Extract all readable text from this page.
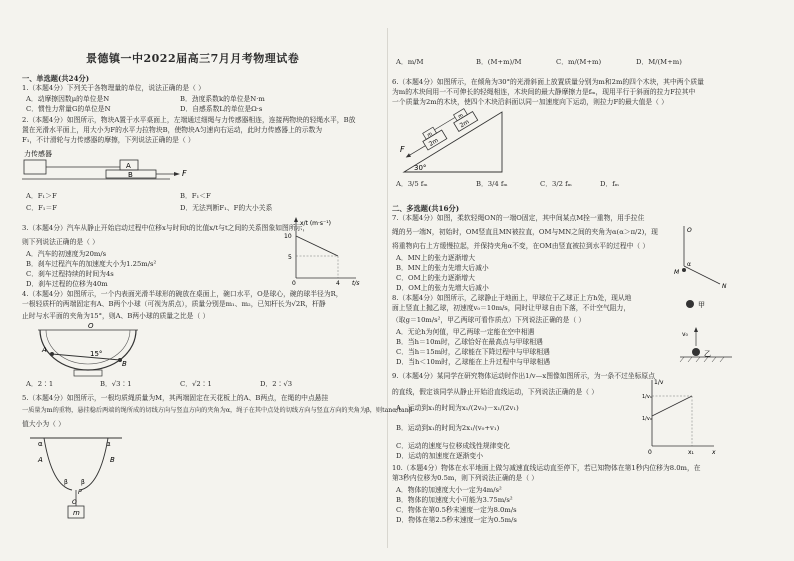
景德镇一中2022届高三7月月考物理试卷
一、单选题(共24分)
1.（本题4分）下列关于各物理量的单位，说法正确的是（ ）
A．动摩擦因数μ的单位是N	B．劲度系数k的单位是N·m
C．惯性力常量G的单位是N	D．自感系数L的单位是Ω·s
2.（本题4分）如图所示，物块A置于水平桌面上，左端通过细绳与力传感器相连，连接两物块的轻绳水平，B放
置在光滑水平面上，用大小为F的水平力拉物块B，使物块A匀速向右运动，此时力传感器上的示数为
F₁，不计滑轮与力传感器的摩擦，下列说法正确的是（ ）
力传感器
A
B	F
A．F₁＞F	B．F₁＜F
C．F₁＝F	D．无法判断F₁、F的大小关系
3.（本题4分）汽车从静止开始启动过程中位移x与时间t的比值x/t与t之间的关系图象如图所示，
则下列说法正确的是（ ）
A．汽车的初速度为20m/s
B．刹车过程汽车的加速度大小为1.25m/s²
C．刹车过程持续的时间为4s
D．刹车过程的位移为40m
x/t (m·s⁻¹)
10
5
0	4 t/s
4.（本题4分）如图所示，一个内表面光滑半球形的碗放在桌面上，碗口水平，O是球心，碗的球半径为R，
一根轻质杆的两端固定有A、B两个小球（可视为质点），质量分别是m₁、m₂，已知杆长为√2R，杆静
止时与水平面的夹角为15°，则A、B两小球的质量之比是（ ）
O
A
B
15°
A．2∶1	B．√3∶1	C．√2∶1	D．2∶√3
5.（本题4分）如图所示，一根均质绳质量为M，其两端固定在天花板上的A、B两点，在绳的中点悬挂
一质量为m的重物，悬挂稳后两端的绳所成的切线方向与竖直方向的夹角为α，绳子在其中点处的切线方向与竖直方向的夹角为β，则tanα/tanβ
值大小为（ ）
α	α
A	B
β β
P
O
m
A．m/M	B．(M+m)/M	C．m/(M+m)	D．M/(M+m)
6.（本题4分）如图所示，在倾角为30°的光滑斜面上放置质量分别为m和2m的四个木块，其中两个质量
为m的木块间用一不可伸长的轻绳相连，木块间的最大静摩擦力是fₘ，现用平行于斜面的拉力F拉其中
一个质量为2m的木块，使四个木块沿斜面以同一加速度向下运动，则拉力F的最大值是（ ）
30°
2m
m
2m
m
F
A．3/5 fₘ	B．3/4 fₘ	C．3/2 fₘ	D．fₘ
二、多选题(共16分)
7.（本题4分）如图，柔软轻绳ON的一端O固定，其中间某点M拴一重物，用手拉住
绳的另一端N，初始时，OM竖直且MN被拉直，OM与MN之间的夹角为α(α＞π/2)，现
将重物向右上方缓慢拉起，并保持夹角α不变，在OM由竖直被拉到水平的过程中（ ）
A．MN上的张力逐渐增大
B．MN上的张力先增大后减小
C．OM上的张力逐渐增大
D．OM上的张力先增大后减小
O
M
α
N
8.（本题4分）如图所示，乙球静止于地面上，甲球位于乙球正上方h处，现从地
面上竖直上抛乙球，初速度v₀＝10m/s，同时让甲球自由下落，不计空气阻力，
（取g＝10m/s²，甲乙两球可看作质点）下列说法正确的是（ ）
A．无论h为何值，甲乙两球一定能在空中相遇
B．当h＝10m时，乙球恰好在最高点与甲球相遇
C．当h＝15m时，乙球能在下降过程中与甲球相遇
D．当h＜10m时，乙球能在上升过程中与甲球相遇
甲
v₀
乙
9.（本题4分）某同学在研究物体运动时作出1/v—x图像如图所示，为一条不过坐标原点
的直线，假定该同学从静止开始沿直线运动，下列说法正确的是（ ）
A．运动到x₁的时间为x₁/(2v₀)－x₁/(2v₁)
B．运动到x₁的时间为2x₁/(v₀+v₁)
C．运动的速度与位移成线性规律变化
D．运动的加速度在逐渐变小
1/v
1/v₁
1/v₀
0	x₁	x
10.（本题4分）物体在水平地面上做匀减速直线运动直至停下，若已知物体在第1秒内位移为8.0m，在
第3秒内位移为0.5m，则下列说法正确的是（ ）
A．物体的加速度大小一定为4m/s²
B．物体的加速度大小可能为3.75m/s²
C．物体在第0.5秒末速度一定为8.0m/s
D．物体在第2.5秒末速度一定为0.5m/s
